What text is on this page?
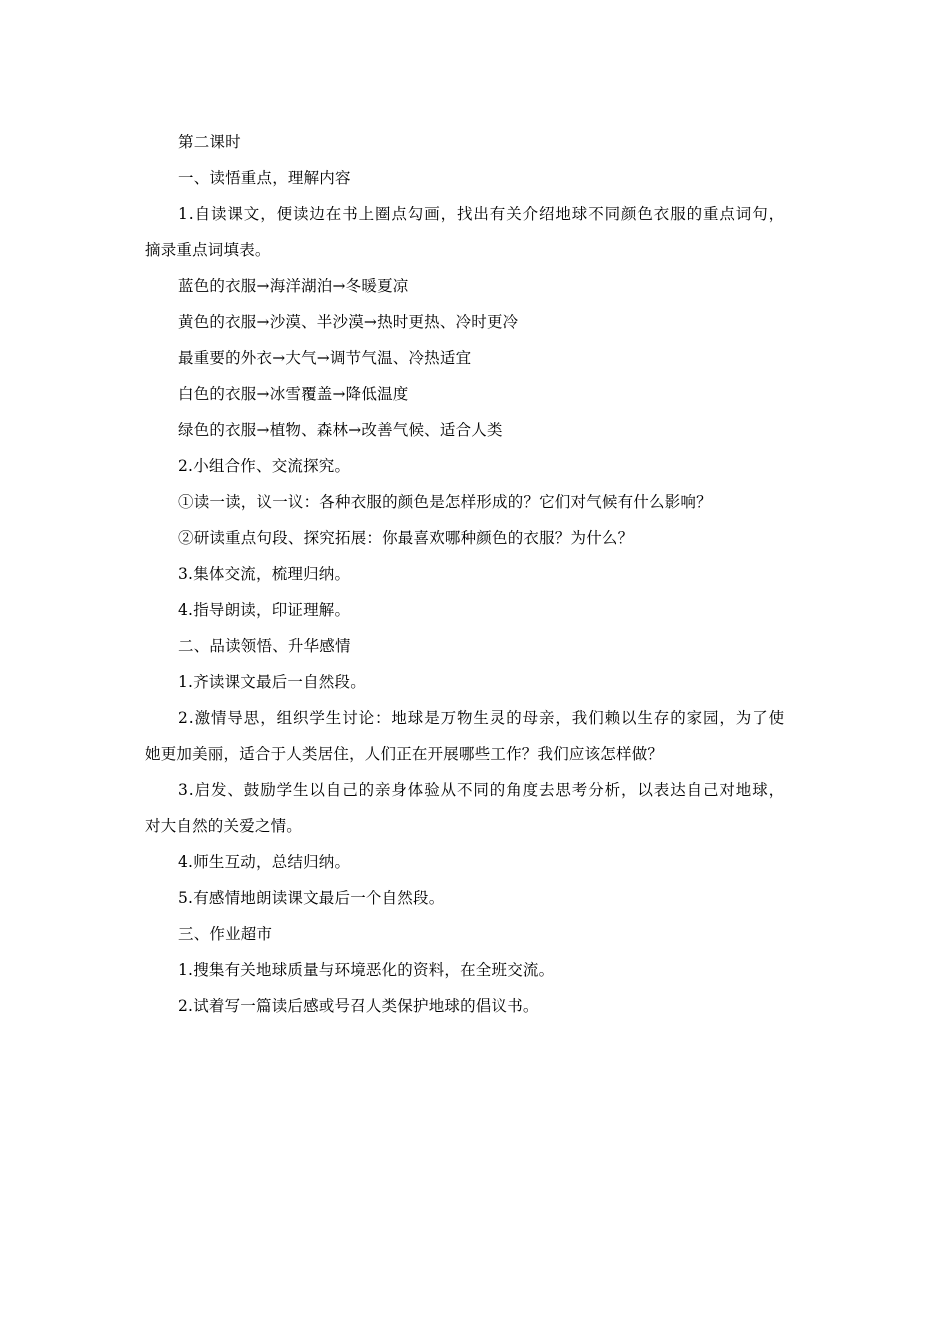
第二课时
一、读悟重点，理解内容
1.自读课文，便读边在书上圈点勾画，找出有关介绍地球不同颜色衣服的重点词句，
摘录重点词填表。
蓝色的衣服→海洋湖泊→冬暖夏凉
黄色的衣服→沙漠、半沙漠→热时更热、冷时更冷
最重要的外衣→大气→调节气温、冷热适宜
白色的衣服→冰雪覆盖→降低温度
绿色的衣服→植物、森林→改善气候、适合人类
2.小组合作、交流探究。
①读一读，议一议：各种衣服的颜色是怎样形成的？它们对气候有什么影响？
②研读重点句段、探究拓展：你最喜欢哪种颜色的衣服？为什么？
3.集体交流，梳理归纳。
4.指导朗读，印证理解。
二、品读领悟、升华感情
1.齐读课文最后一自然段。
2.激情导思，组织学生讨论：地球是万物生灵的母亲，我们赖以生存的家园，为了使
她更加美丽，适合于人类居住，人们正在开展哪些工作？我们应该怎样做？
3.启发、鼓励学生以自己的亲身体验从不同的角度去思考分析，以表达自己对地球，
对大自然的关爱之情。
4.师生互动，总结归纳。
5.有感情地朗读课文最后一个自然段。
三、作业超市
1.搜集有关地球质量与环境恶化的资料，在全班交流。
2.试着写一篇读后感或号召人类保护地球的倡议书。
